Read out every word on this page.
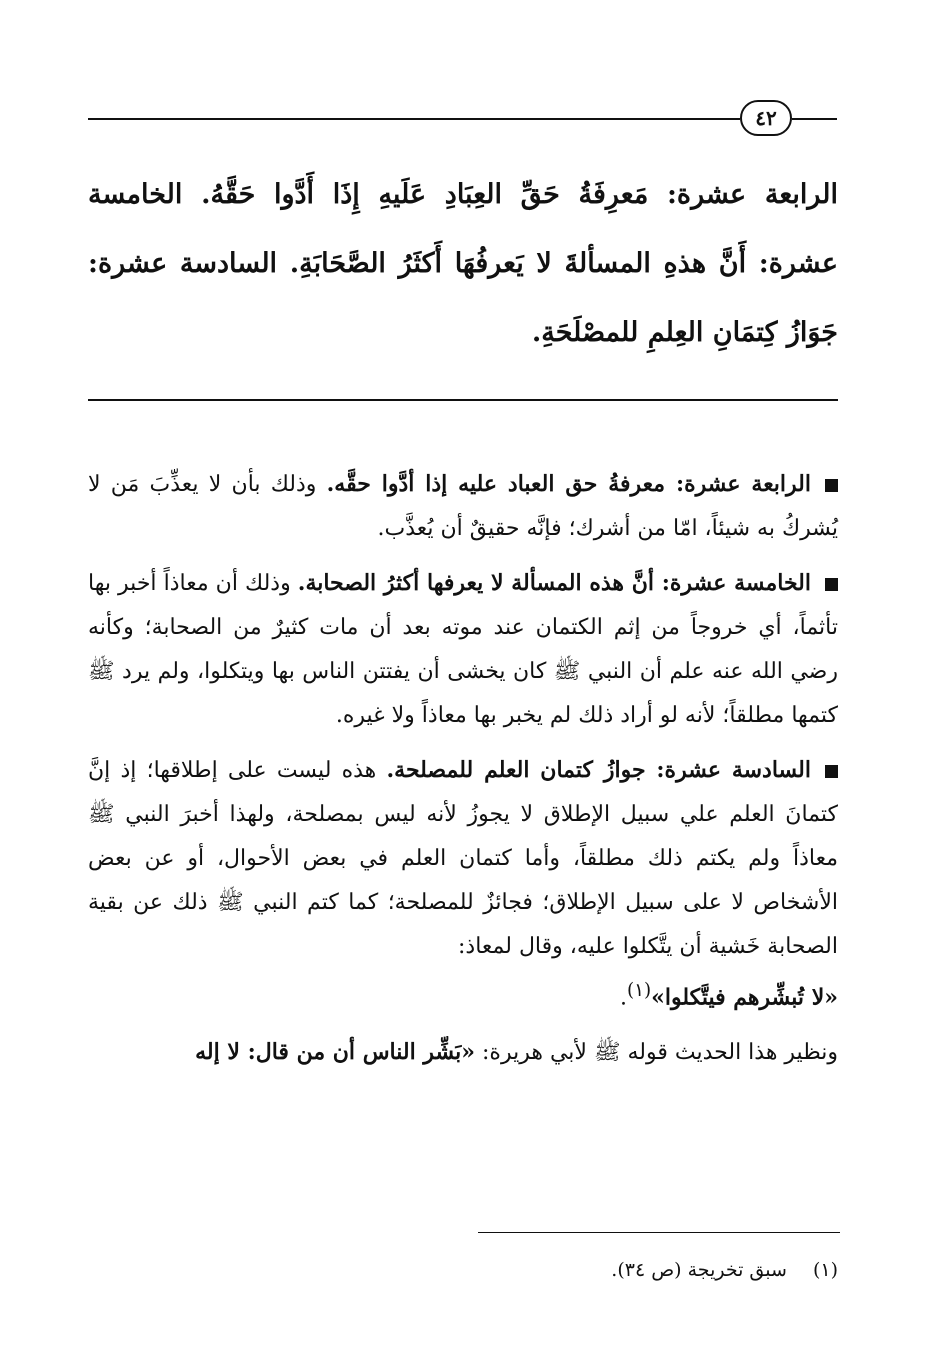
٤٢

الرابعة عشرة: مَعرِفَةُ حَقِّ العِبَادِ عَلَيهِ إِذَا أَدَّوا حَقَّهُ. الخامسة عشرة: أَنَّ هذهِ المسألةَ لا يَعرفُهَا أَكثَرُ الصَّحَابَةِ. السادسة عشرة: جَوَازُ كِتمَانِ العِلمِ للمصْلَحَةِ.

الرابعة عشرة: معرفةُ حق العباد عليه إذا أدَّوا حقَّه. وذلك بأن لا يعذِّبَ مَن لا يُشركُ به شيئاً، امّا من أشرك؛ فإنَّه حقيقٌ أن يُعذَّب.

الخامسة عشرة: أنَّ هذه المسألة لا يعرفها أكثرُ الصحابة. وذلك أن معاذاً أخبر بها تأثماً، أي خروجاً من إثم الكتمان عند موته بعد أن مات كثيرٌ من الصحابة؛ وكأنه رضي الله عنه علم أن النبي ﷺ كان يخشى أن يفتتن الناس بها ويتكلوا، ولم يرد ﷺ كتمها مطلقاً؛ لأنه لو أراد ذلك لم يخبر بها معاذاً ولا غيره.

السادسة عشرة: جوازُ كتمان العلم للمصلحة. هذه ليست على إطلاقها؛ إذ إنَّ كتمانَ العلم علي سبيل الإطلاق لا يجوزُ لأنه ليس بمصلحة، ولهذا أخبرَ النبي ﷺ معاذاً ولم يكتم ذلك مطلقاً، وأما كتمان العلم في بعض الأحوال، أو عن بعض الأشخاص لا على سبيل الإطلاق؛ فجائزٌ للمصلحة؛ كما كتم النبي ﷺ ذلك عن بقية الصحابة خَشية أن يتَّكلوا عليه، وقال لمعاذ:
«لا تُبشِّرهم فيتَّكلوا»$^{(١)}$.

ونظير هذا الحديث قوله ﷺ لأبي هريرة: «بَشِّر الناس أن من قال: لا إله

(١)سبق تخريجة (ص ٣٤).
